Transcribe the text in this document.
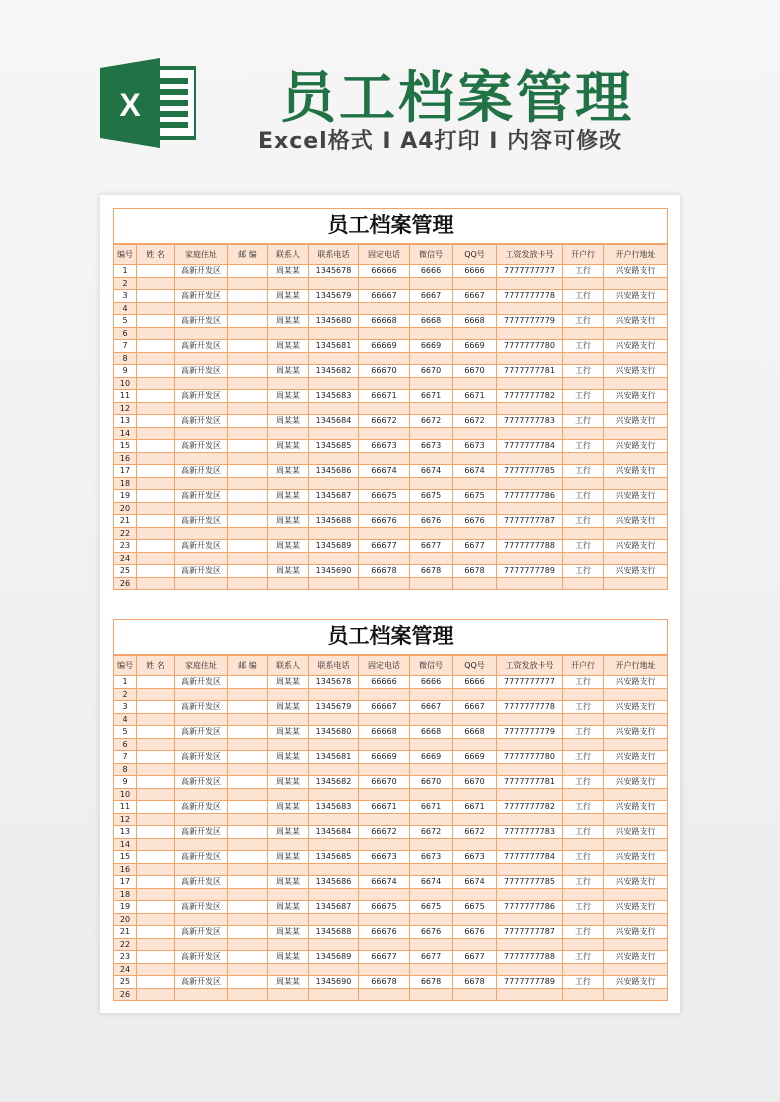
X 员工档案管理
Excel格式 I A4打印 I 内容可修改
员工档案管理											
编号	姓 名	家庭住址	邮 编	联系人	联系电话	固定电话	微信号	QQ号	工资发放卡号	开户行	开户行地址
1		高新开发区		周某某	1345678	66666	6666	6666	7777777777	工行	兴安路支行
2											
3		高新开发区		周某某	1345679	66667	6667	6667	7777777778	工行	兴安路支行
4											
5		高新开发区		周某某	1345680	66668	6668	6668	7777777779	工行	兴安路支行
6											
7		高新开发区		周某某	1345681	66669	6669	6669	7777777780	工行	兴安路支行
8											
9		高新开发区		周某某	1345682	66670	6670	6670	7777777781	工行	兴安路支行
10											
11		高新开发区		周某某	1345683	66671	6671	6671	7777777782	工行	兴安路支行
12											
13		高新开发区		周某某	1345684	66672	6672	6672	7777777783	工行	兴安路支行
14											
15		高新开发区		周某某	1345685	66673	6673	6673	7777777784	工行	兴安路支行
16											
17		高新开发区		周某某	1345686	66674	6674	6674	7777777785	工行	兴安路支行
18											
19		高新开发区		周某某	1345687	66675	6675	6675	7777777786	工行	兴安路支行
20											
21		高新开发区		周某某	1345688	66676	6676	6676	7777777787	工行	兴安路支行
22											
23		高新开发区		周某某	1345689	66677	6677	6677	7777777788	工行	兴安路支行
24											
25		高新开发区		周某某	1345690	66678	6678	6678	7777777789	工行	兴安路支行
26											
员工档案管理											
编号	姓 名	家庭住址	邮 编	联系人	联系电话	固定电话	微信号	QQ号	工资发放卡号	开户行	开户行地址
1		高新开发区		周某某	1345678	66666	6666	6666	7777777777	工行	兴安路支行
2											
3		高新开发区		周某某	1345679	66667	6667	6667	7777777778	工行	兴安路支行
4											
5		高新开发区		周某某	1345680	66668	6668	6668	7777777779	工行	兴安路支行
6											
7		高新开发区		周某某	1345681	66669	6669	6669	7777777780	工行	兴安路支行
8											
9		高新开发区		周某某	1345682	66670	6670	6670	7777777781	工行	兴安路支行
10											
11		高新开发区		周某某	1345683	66671	6671	6671	7777777782	工行	兴安路支行
12											
13		高新开发区		周某某	1345684	66672	6672	6672	7777777783	工行	兴安路支行
14											
15		高新开发区		周某某	1345685	66673	6673	6673	7777777784	工行	兴安路支行
16											
17		高新开发区		周某某	1345686	66674	6674	6674	7777777785	工行	兴安路支行
18											
19		高新开发区		周某某	1345687	66675	6675	6675	7777777786	工行	兴安路支行
20											
21		高新开发区		周某某	1345688	66676	6676	6676	7777777787	工行	兴安路支行
22											
23		高新开发区		周某某	1345689	66677	6677	6677	7777777788	工行	兴安路支行
24											
25		高新开发区		周某某	1345690	66678	6678	6678	7777777789	工行	兴安路支行
26											
